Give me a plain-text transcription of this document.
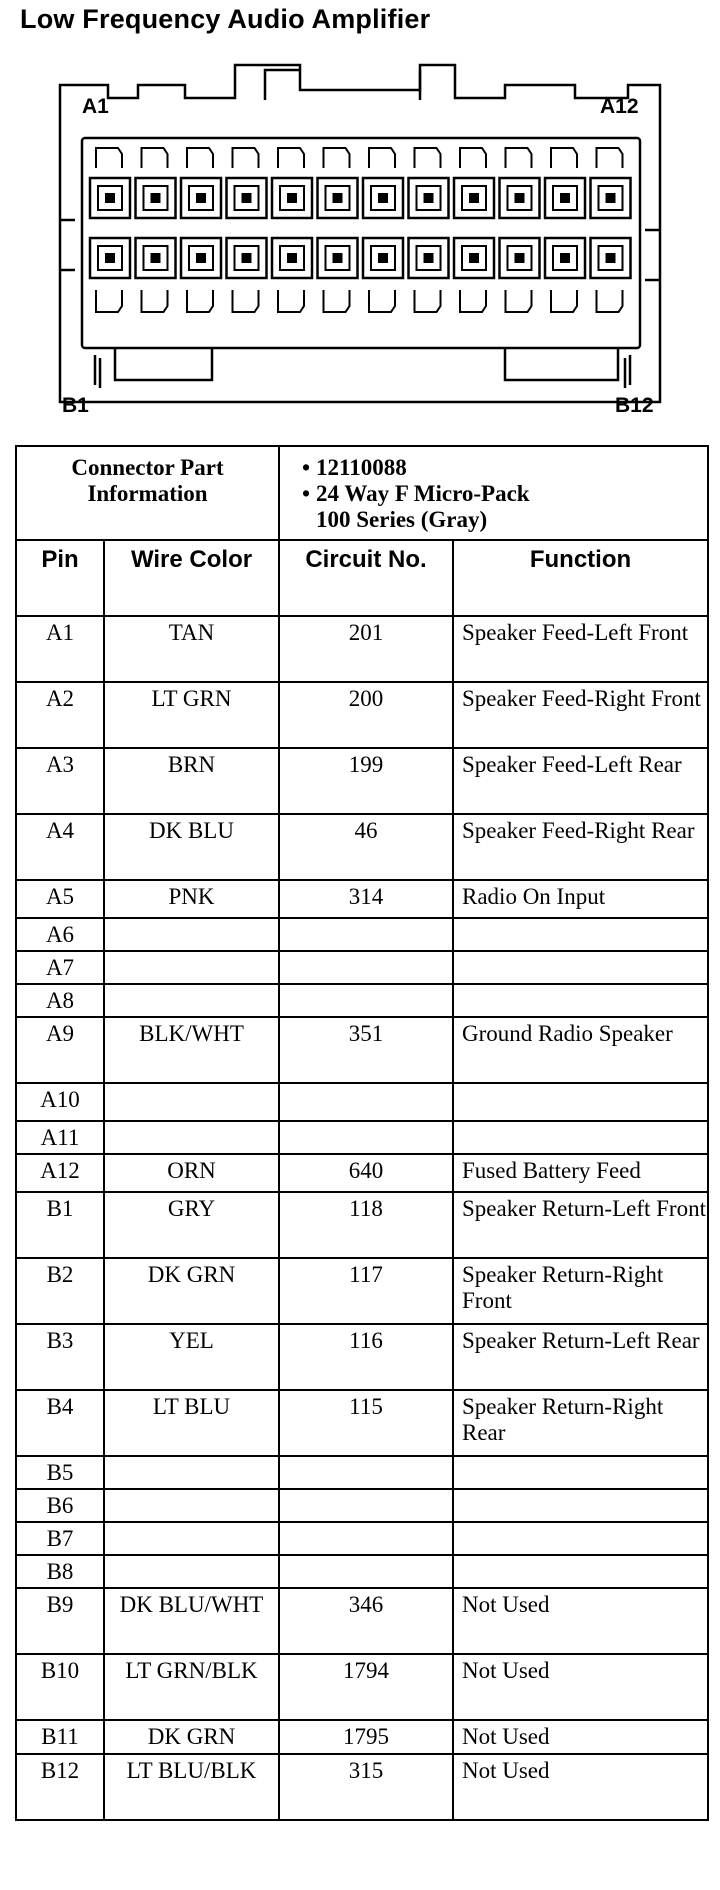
Low Frequency Audio Amplifier
A1	A12
B1	B12
Connector Part Information		• 12110088
• 24 Way F Micro-Pack
100 Series (Gray)	

Pin	Wire Color	Circuit No.	Function
A1	TAN	201	Speaker Feed-Left Front
A2	LT GRN	200	Speaker Feed-Right Front
A3	BRN	199	Speaker Feed-Left Rear
A4	DK BLU	46	Speaker Feed-Right Rear
A5	PNK	314	Radio On Input
A6			
A7			
A8			
A9	BLK/WHT	351	Ground Radio Speaker
A10			
A11			
A12	ORN	640	Fused Battery Feed
B1	GRY	118	Speaker Return-Left Front
B2	DK GRN	117	Speaker Return-Right Front
B3	YEL	116	Speaker Return-Left Rear
B4	LT BLU	115	Speaker Return-Right Rear
B5			
B6			
B7			
B8			
B9	DK BLU/WHT	346	Not Used
B10	LT GRN/BLK	1794	Not Used
B11	DK GRN	1795	Not Used
B12	LT BLU/BLK	315	Not Used
